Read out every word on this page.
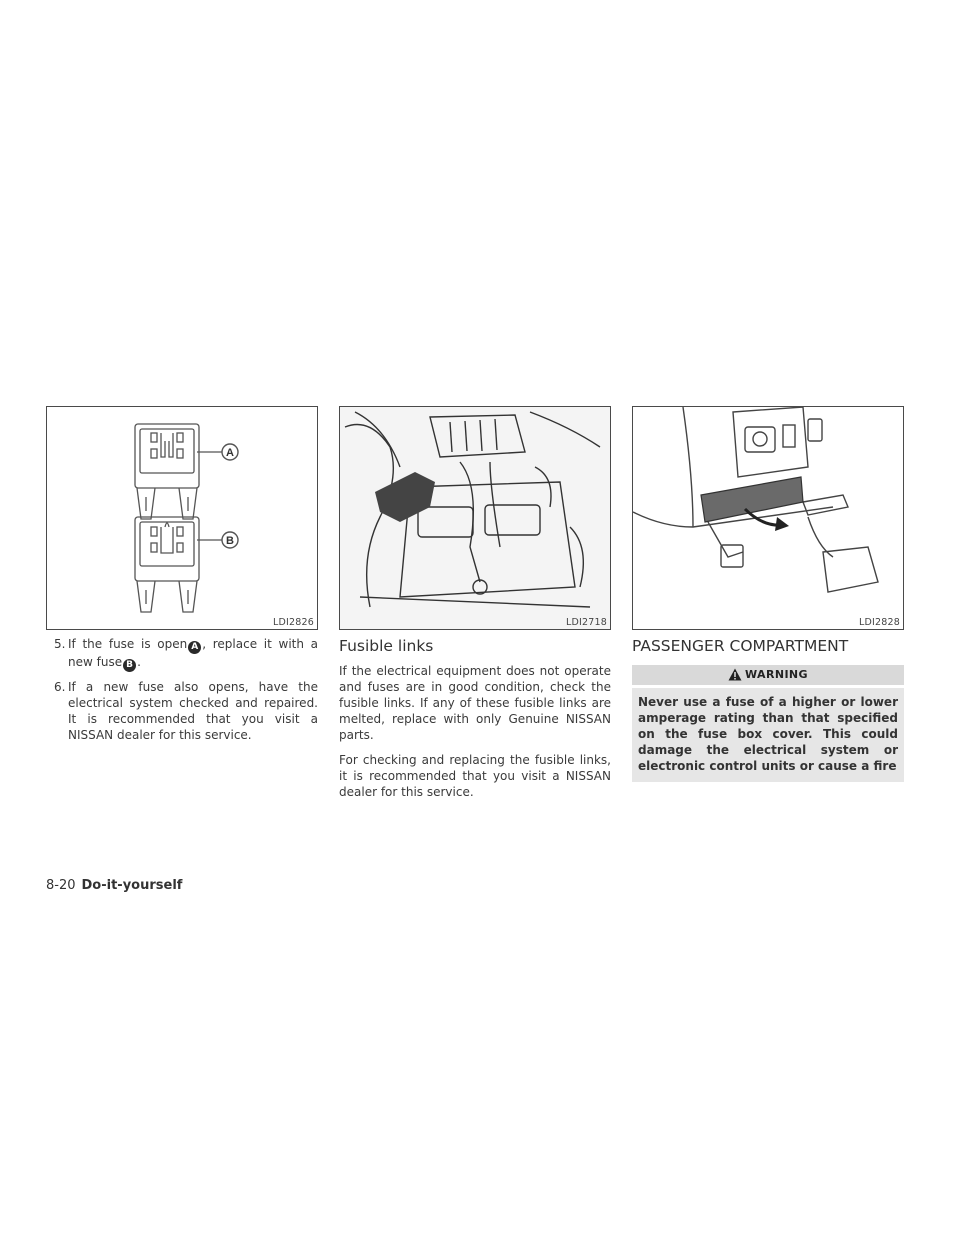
A
B
LDI2826
5. If the fuse is open A , replace it with a new fuse B .
6. If a new fuse also opens, have the electrical system checked and repaired. It is recommended that you visit a NISSAN dealer for this service.
LDI2718
Fusible links

If the electrical equipment does not operate and fuses are in good condition, check the fusible links. If any of these fusible links are melted, replace with only Genuine NISSAN parts.

For checking and replacing the fusible links, it is recommended that you visit a NISSAN dealer for this service.

LDI2828
PASSENGER COMPARTMENT
WARNING
Never use a fuse of a higher or lower amperage rating than that specified on the fuse box cover. This could damage the electrical system or electronic control units or cause a fire
8-20 Do-it-yourself
